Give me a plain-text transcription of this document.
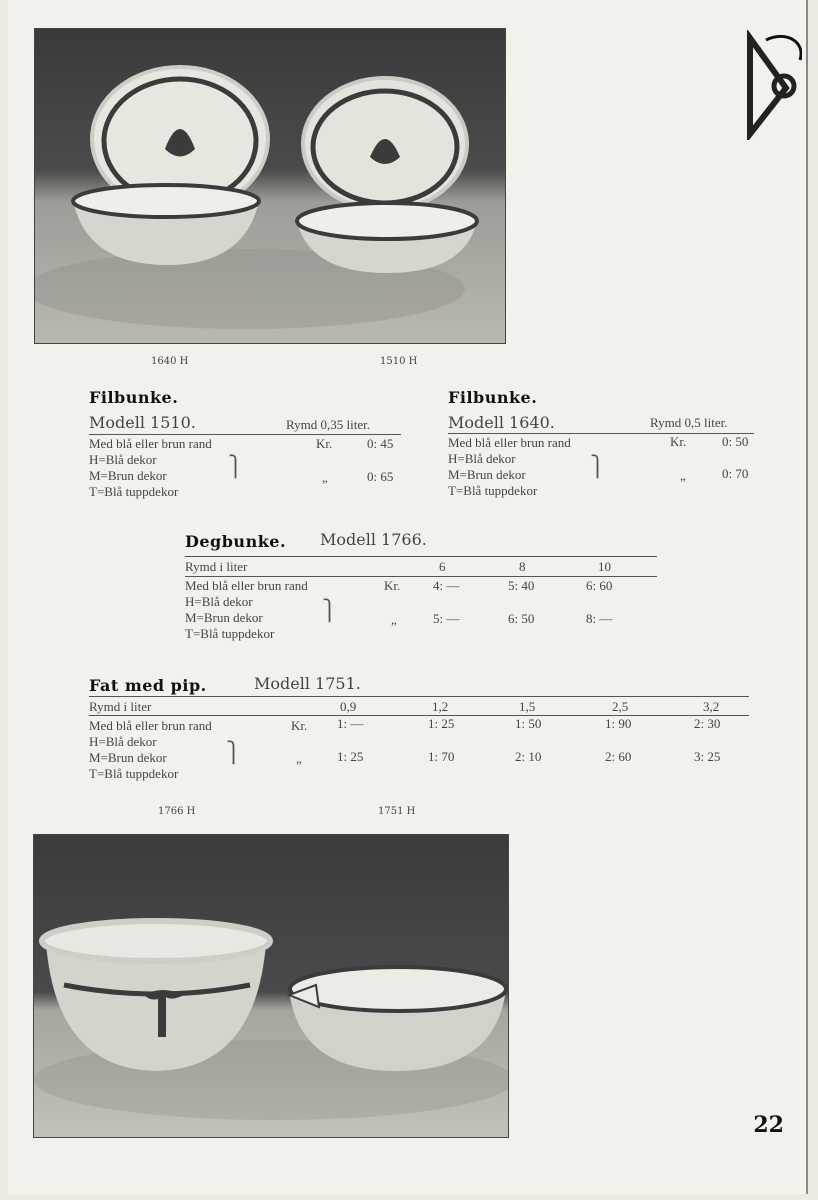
1640 H	1510 H
Filbunke.
Modell 1510.	Rymd 0,35 liter.
Med blå eller brun rand	Kr.	0: 45
H=Blå dekor
M=Brun dekor
T=Blå tuppdekor
⎫	„	0: 65
Filbunke.
Modell 1640.	Rymd 0,5 liter.
Med blå eller brun rand	Kr.	0: 50
H=Blå dekor
M=Brun dekor
T=Blå tuppdekor
⎫	„	0: 70
Degbunke. Modell 1766.
Rymd i liter	6	8	10
Med blå eller brun rand	Kr.	4: —	5: 40	6: 60
H=Blå dekor
M=Brun dekor
T=Blå tuppdekor
⎫	„	5: —	6: 50	8: —
Fat med pip.	Modell 1751.
Rymd i liter	0,9	1,2	1,5	2,5	3,2
Med blå eller brun rand	Kr. 1: —	1: 25	1: 50	1: 90	2: 30
H=Blå dekor
M=Brun dekor
T=Blå tuppdekor
⎫	„	1: 25	1: 70	2: 10	2: 60	3: 25
1766 H	1751 H
22
